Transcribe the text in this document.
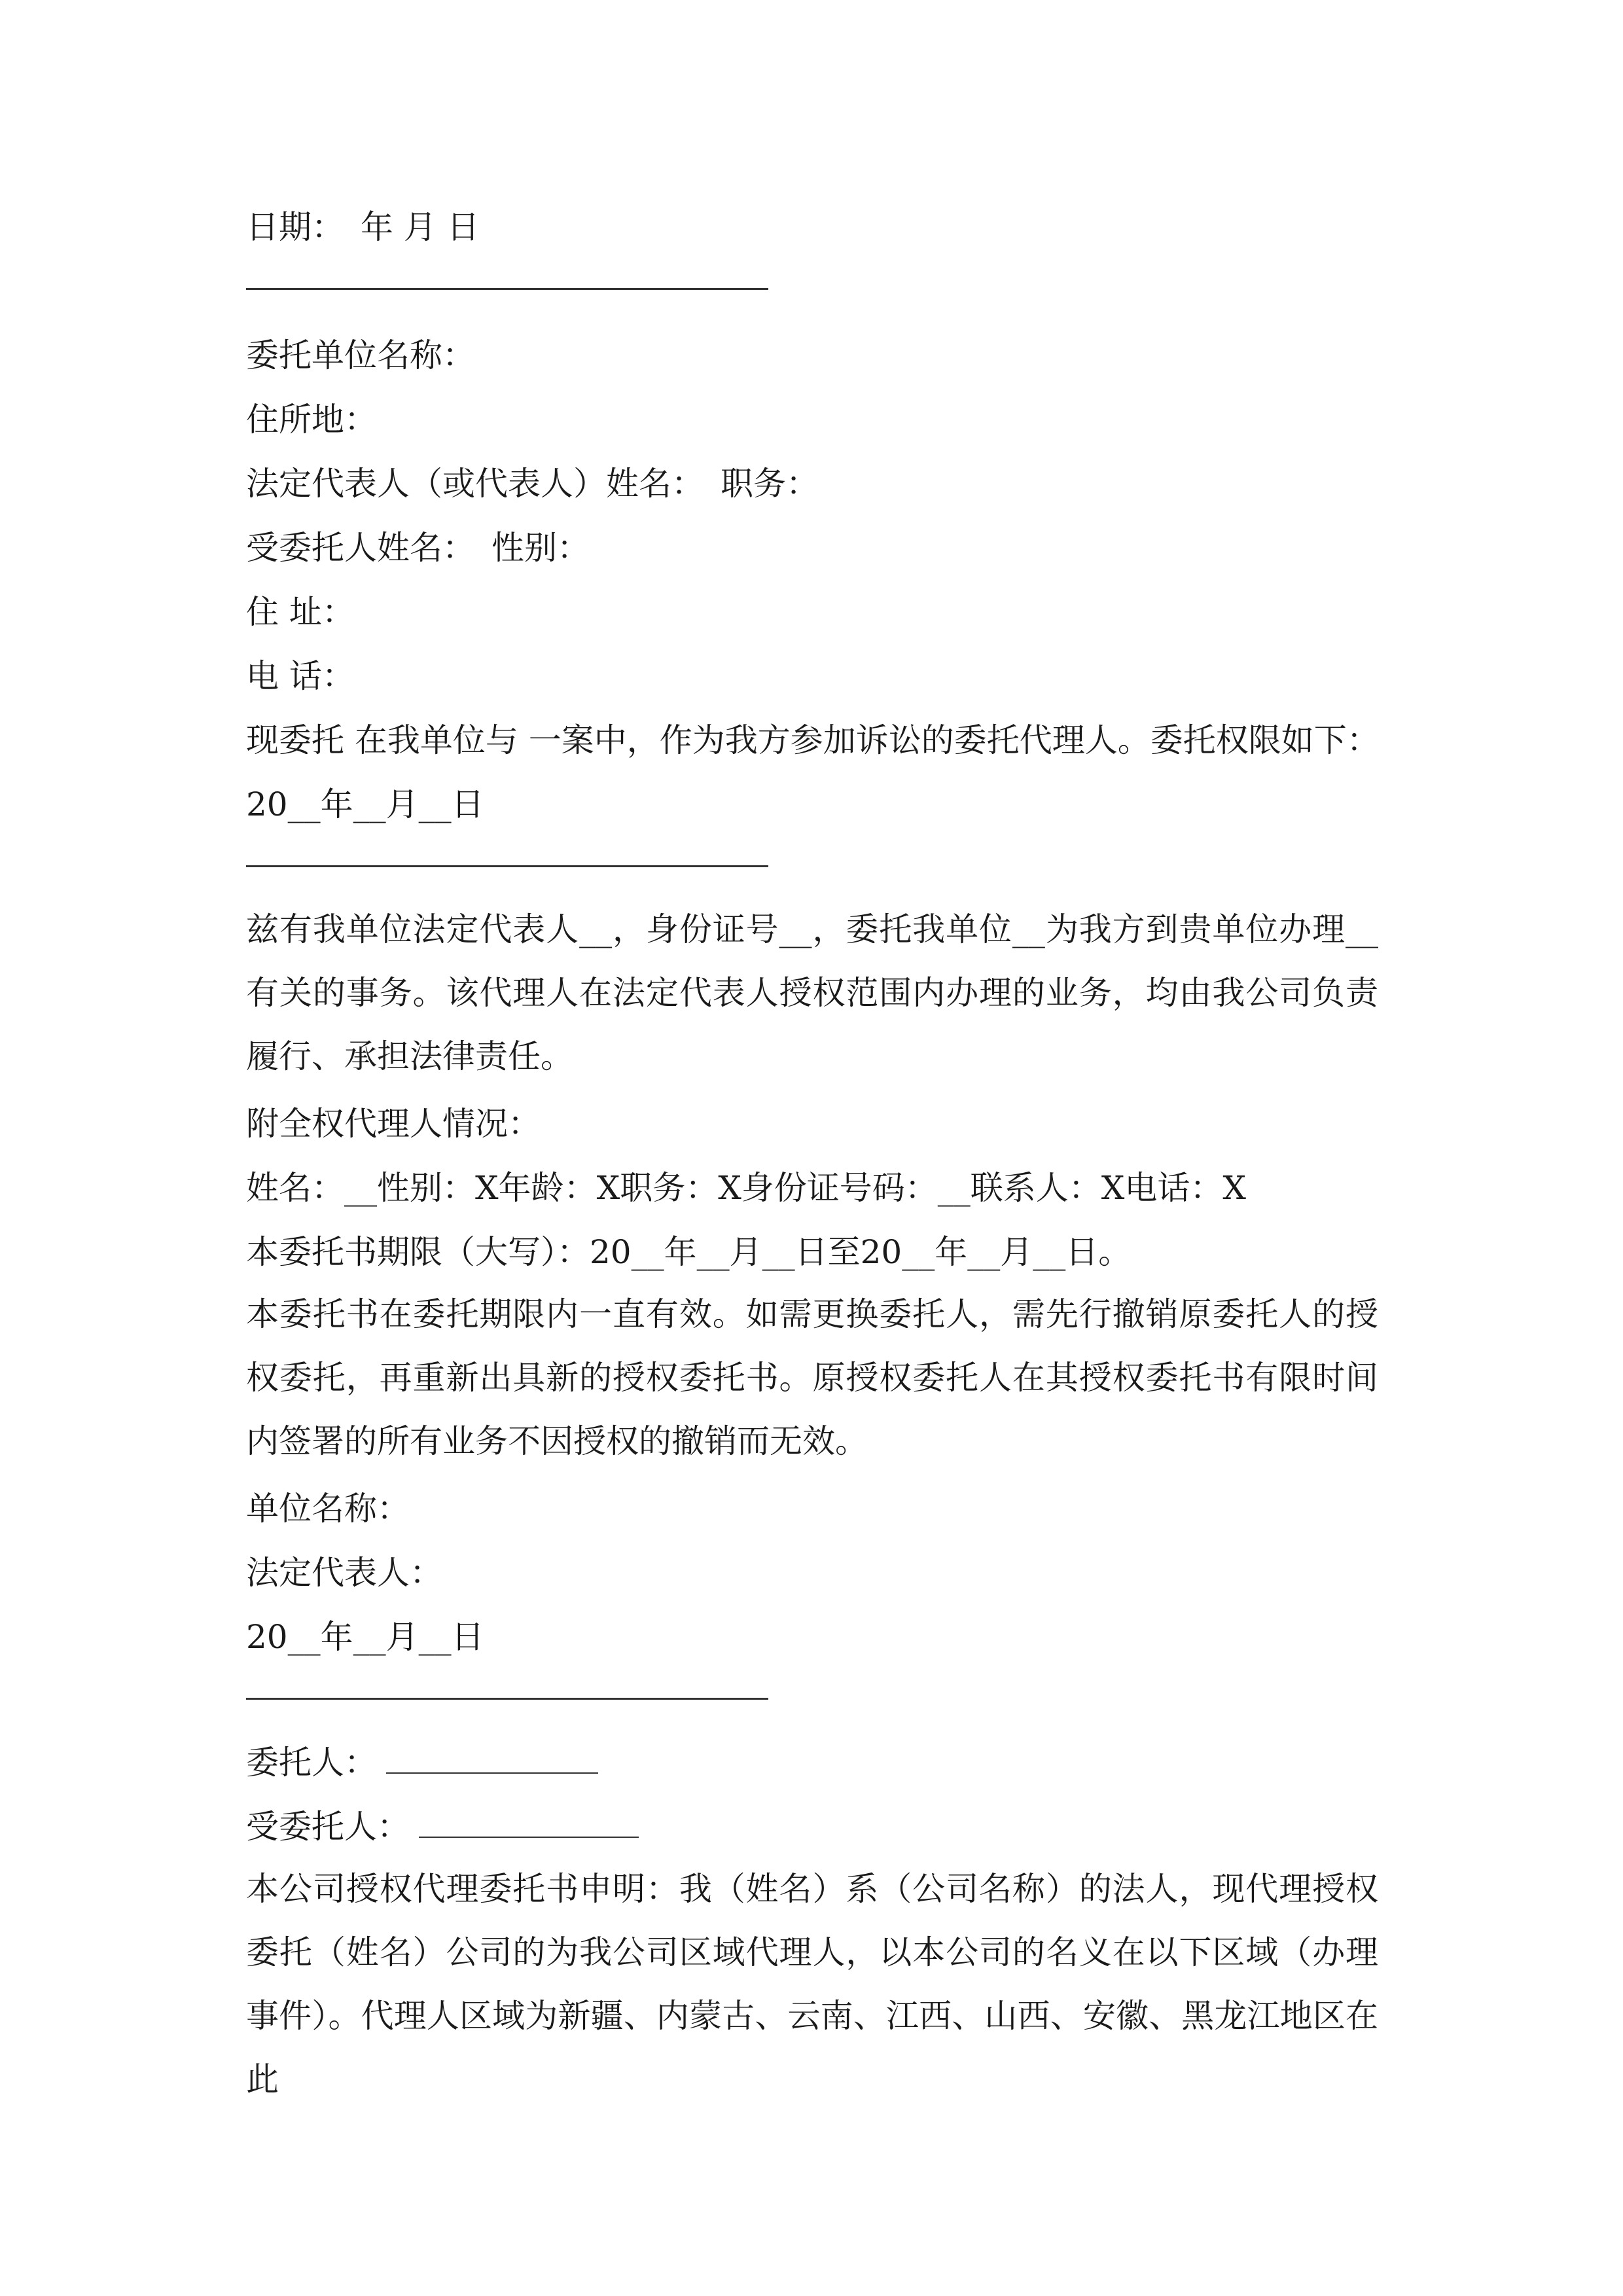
日期：　年 月 日
委托单位名称：
住所地：
法定代表人（或代表人）姓名：　职务：
受委托人姓名：　性别：
住 址：
电 话：
现委托 在我单位与 一案中，作为我方参加诉讼的委托代理人。委托权限如下：
20__年__月__日
兹有我单位法定代表人__，身份证号__，委托我单位__为我方到贵单位办理__有关的事务。该代理人在法定代表人授权范围内办理的业务，均由我公司负责履行、承担法律责任。
附全权代理人情况：
姓名：__性别：X年龄：X职务：X身份证号码：__联系人：X电话：X
本委托书期限（大写）：20__年__月__日至20__年__月__日。
本委托书在委托期限内一直有效。如需更换委托人，需先行撤销原委托人的授权委托，再重新出具新的授权委托书。原授权委托人在其授权委托书有限时间内签署的所有业务不因授权的撤销而无效。
单位名称：
法定代表人：
20__年__月__日
委托人：
受委托人：
本公司授权代理委托书申明：我（姓名）系（公司名称）的法人，现代理授权委托（姓名）公司的为我公司区域代理人，以本公司的名义在以下区域（办理事件）。代理人区域为新疆、内蒙古、云南、江西、山西、安徽、黑龙江地区在此
